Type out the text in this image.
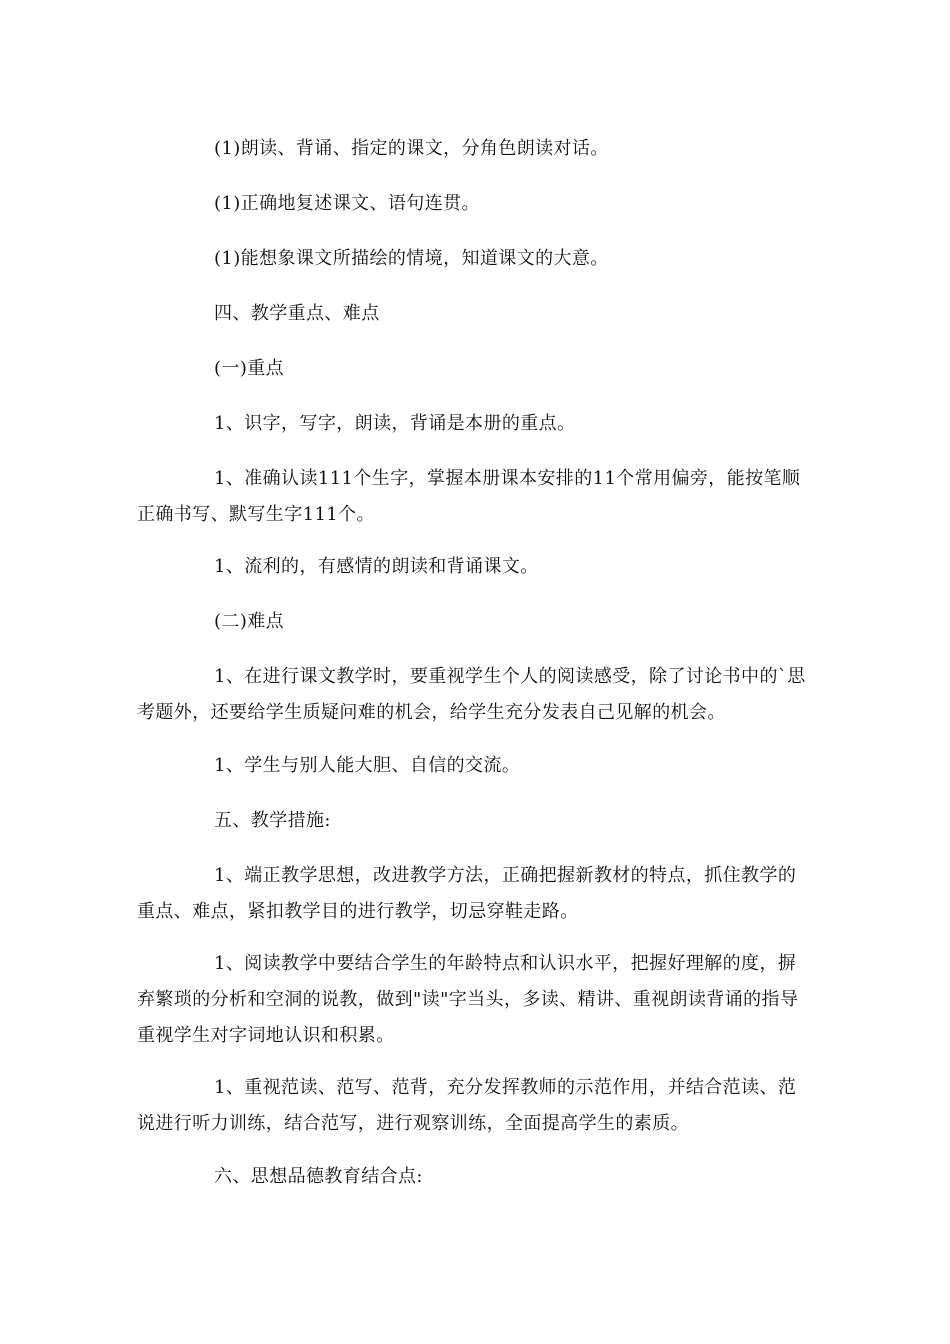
(1)朗读、背诵、指定的课文，分角色朗读对话。

(1)正确地复述课文、语句连贯。

(1)能想象课文所描绘的情境，知道课文的大意。

四、教学重点、难点

(一)重点

1、识字，写字，朗读，背诵是本册的重点。

1、准确认读111个生字，掌握本册课本安排的11个常用偏旁，能按笔顺正确书写、默写生字111个。

1、流利的，有感情的朗读和背诵课文。

(二)难点

1、在进行课文教学时，要重视学生个人的阅读感受，除了讨论书中的`思考题外，还要给学生质疑问难的机会，给学生充分发表自己见解的机会。

1、学生与别人能大胆、自信的交流。

五、教学措施:

1、端正教学思想，改进教学方法，正确把握新教材的特点，抓住教学的重点、难点，紧扣教学目的进行教学，切忌穿鞋走路。

1、阅读教学中要结合学生的年龄特点和认识水平，把握好理解的度，摒弃繁琐的分析和空洞的说教，做到"读"字当头，多读、精讲、重视朗读背诵的指导重视学生对字词地认识和积累。

1、重视范读、范写、范背，充分发挥教师的示范作用，并结合范读、范说进行听力训练，结合范写，进行观察训练，全面提高学生的素质。

六、思想品德教育结合点:
